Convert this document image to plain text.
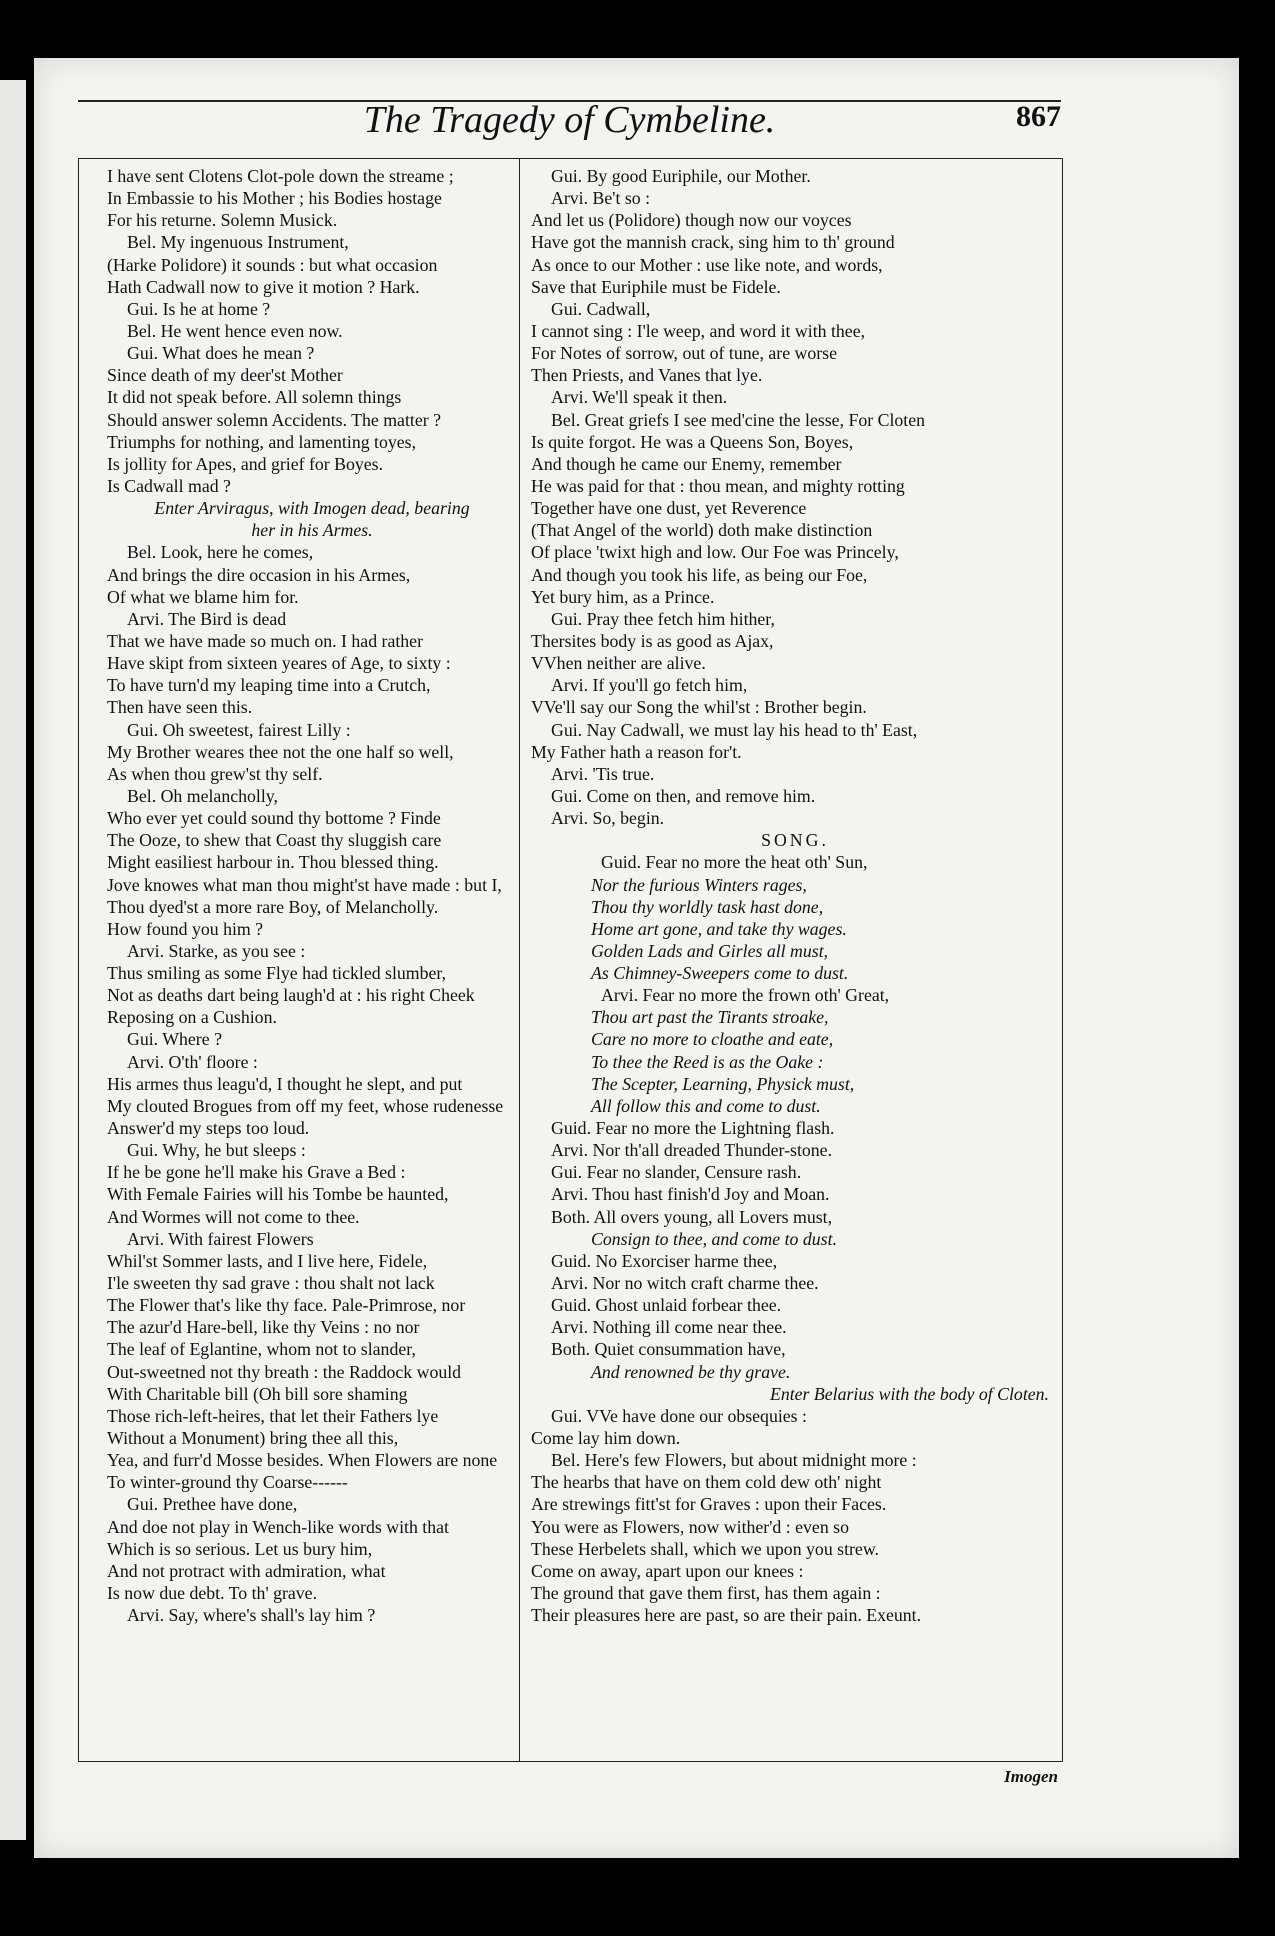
The Tragedy of Cymbeline.	867
I have sent Clotens Clot-pole down the streame ;
In Embassie to his Mother ; his Bodies hostage
For his returne. Solemn Musick.
Bel. My ingenuous Instrument,
(Harke Polidore) it sounds : but what occasion
Hath Cadwall now to give it motion ? Hark.
Gui. Is he at home ?
Bel. He went hence even now.
Gui. What does he mean ?
Since death of my deer'st Mother
It did not speak before. All solemn things
Should answer solemn Accidents. The matter ?
Triumphs for nothing, and lamenting toyes,
Is jollity for Apes, and grief for Boyes.
Is Cadwall mad ?
Enter Arviragus, with Imogen dead, bearing
her in his Armes.
Bel. Look, here he comes,
And brings the dire occasion in his Armes,
Of what we blame him for.
Arvi. The Bird is dead
That we have made so much on. I had rather
Have skipt from sixteen yeares of Age, to sixty :
To have turn'd my leaping time into a Crutch,
Then have seen this.
Gui. Oh sweetest, fairest Lilly :
My Brother weares thee not the one half so well,
As when thou grew'st thy self.
Bel. Oh melancholly,
Who ever yet could sound thy bottome ? Finde
The Ooze, to shew that Coast thy sluggish care
Might easiliest harbour in. Thou blessed thing.
Jove knowes what man thou might'st have made : but I,
Thou dyed'st a more rare Boy, of Melancholly.
How found you him ?
Arvi. Starke, as you see :
Thus smiling as some Flye had tickled slumber,
Not as deaths dart being laugh'd at : his right Cheek
Reposing on a Cushion.
Gui. Where ?
Arvi. O'th' floore :
His armes thus leagu'd, I thought he slept, and put
My clouted Brogues from off my feet, whose rudenesse
Answer'd my steps too loud.
Gui. Why, he but sleeps :
If he be gone he'll make his Grave a Bed :
With Female Fairies will his Tombe be haunted,
And Wormes will not come to thee.
Arvi. With fairest Flowers
Whil'st Sommer lasts, and I live here, Fidele,
I'le sweeten thy sad grave : thou shalt not lack
The Flower that's like thy face. Pale-Primrose, nor
The azur'd Hare-bell, like thy Veins : no nor
The leaf of Eglantine, whom not to slander,
Out-sweetned not thy breath : the Raddock would
With Charitable bill (Oh bill sore shaming
Those rich-left-heires, that let their Fathers lye
Without a Monument) bring thee all this,
Yea, and furr'd Mosse besides. When Flowers are none
To winter-ground thy Coarse------
Gui. Prethee have done,
And doe not play in Wench-like words with that
Which is so serious. Let us bury him,
And not protract with admiration, what
Is now due debt. To th' grave.
Arvi. Say, where's shall's lay him ?
Gui. By good Euriphile, our Mother.
Arvi. Be't so :
And let us (Polidore) though now our voyces
Have got the mannish crack, sing him to th' ground
As once to our Mother : use like note, and words,
Save that Euriphile must be Fidele.
Gui. Cadwall,
I cannot sing : I'le weep, and word it with thee,
For Notes of sorrow, out of tune, are worse
Then Priests, and Vanes that lye.
Arvi. We'll speak it then.
Bel. Great griefs I see med'cine the lesse, For Cloten
Is quite forgot. He was a Queens Son, Boyes,
And though he came our Enemy, remember
He was paid for that : thou mean, and mighty rotting
Together have one dust, yet Reverence
(That Angel of the world) doth make distinction
Of place 'twixt high and low. Our Foe was Princely,
And though you took his life, as being our Foe,
Yet bury him, as a Prince.
Gui. Pray thee fetch him hither,
Thersites body is as good as Ajax,
VVhen neither are alive.
Arvi. If you'll go fetch him,
VVe'll say our Song the whil'st : Brother begin.
Gui. Nay Cadwall, we must lay his head to th' East,
My Father hath a reason for't.
Arvi. 'Tis true.
Gui. Come on then, and remove him.
Arvi. So, begin.
SONG.
Guid. Fear no more the heat oth' Sun,
Nor the furious Winters rages,
Thou thy worldly task hast done,
Home art gone, and take thy wages.
Golden Lads and Girles all must,
As Chimney-Sweepers come to dust.
Arvi. Fear no more the frown oth' Great,
Thou art past the Tirants stroake,
Care no more to cloathe and eate,
To thee the Reed is as the Oake :
The Scepter, Learning, Physick must,
All follow this and come to dust.
Guid. Fear no more the Lightning flash.
Arvi. Nor th'all dreaded Thunder-stone.
Gui. Fear no slander, Censure rash.
Arvi. Thou hast finish'd Joy and Moan.
Both. All overs young, all Lovers must,
Consign to thee, and come to dust.
Guid. No Exorciser harme thee,
Arvi. Nor no witch craft charme thee.
Guid. Ghost unlaid forbear thee.
Arvi. Nothing ill come near thee.
Both. Quiet consummation have,
And renowned be thy grave.
Enter Belarius with the body of Cloten.
Gui. VVe have done our obsequies :
Come lay him down.
Bel. Here's few Flowers, but about midnight more :
The hearbs that have on them cold dew oth' night
Are strewings fitt'st for Graves : upon their Faces.
You were as Flowers, now wither'd : even so
These Herbelets shall, which we upon you strew.
Come on away, apart upon our knees :
The ground that gave them first, has them again :
Their pleasures here are past, so are their pain. Exeunt.
Imogen
